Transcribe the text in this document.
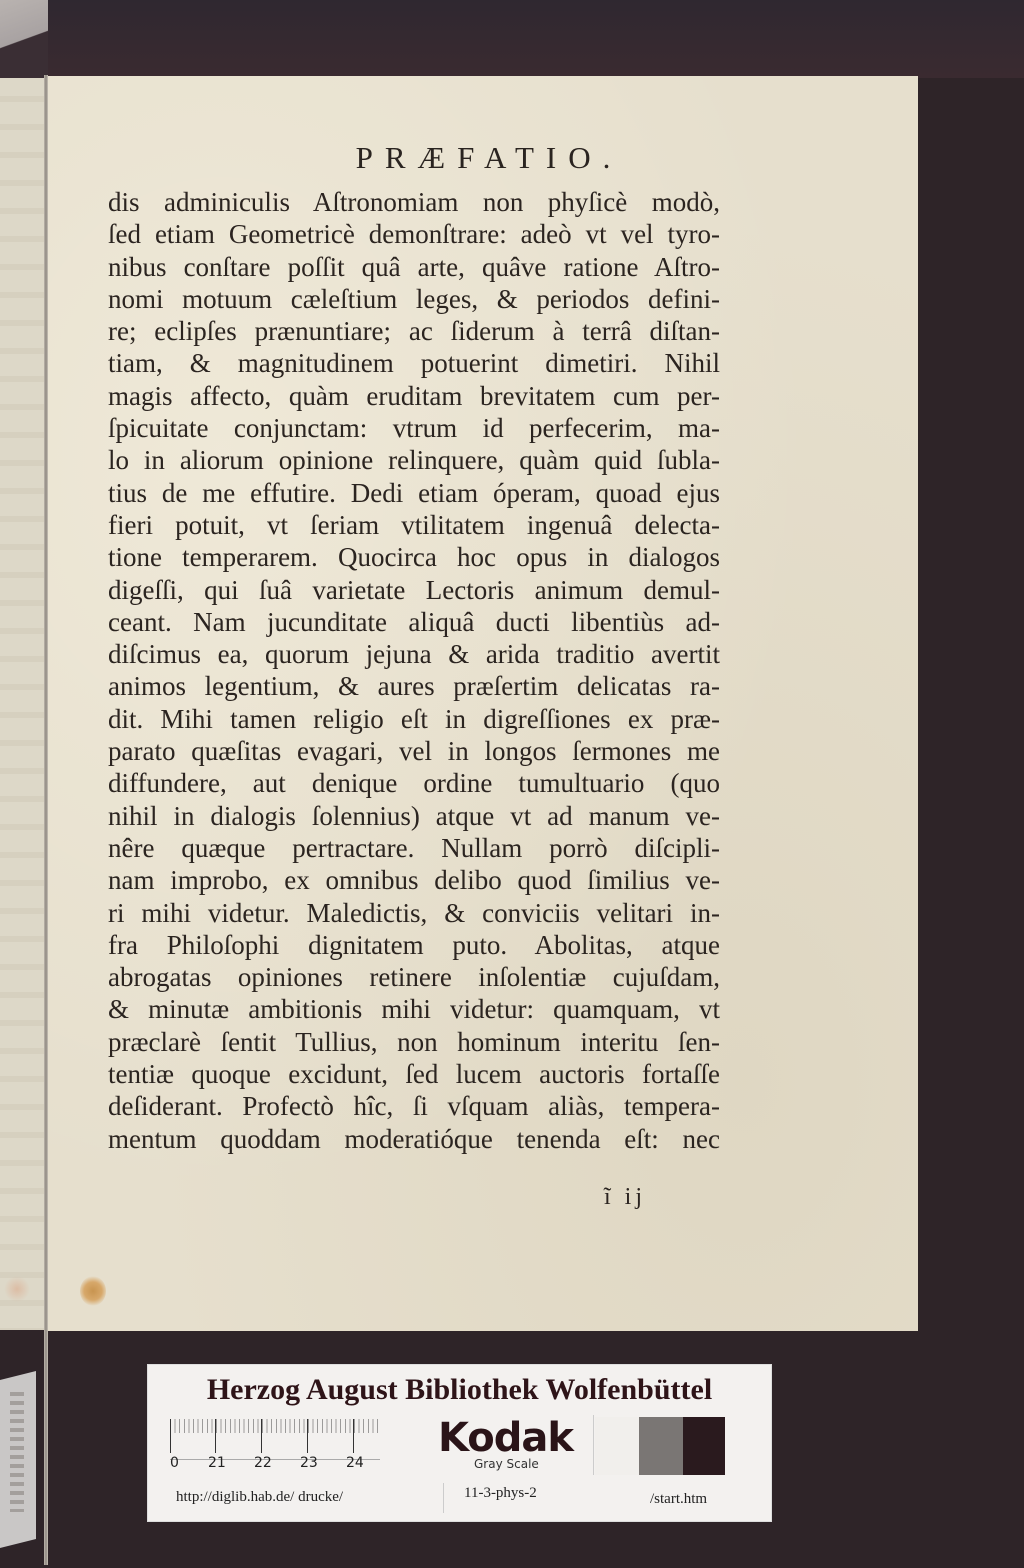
PRÆFATIO.
dis adminiculis Aſtronomiam non phyſicè modò,
ſed etiam Geometricè demonſtrare: adeò vt vel tyro-
nibus conſtare poſſit quâ arte, quâve ratione Aſtro-
nomi motuum cæleſtium leges, & periodos defini-
re; eclipſes prænuntiare; ac ſiderum à terrâ diſtan-
tiam, & magnitudinem potuerint dimetiri. Nihil
magis affecto, quàm eruditam brevitatem cum per-
ſpicuitate conjunctam: vtrum id perfecerim, ma-
lo in aliorum opinione relinquere, quàm quid ſubla-
tius de me effutire. Dedi etiam óperam, quoad ejus
fieri potuit, vt ſeriam vtilitatem ingenuâ delecta-
tione temperarem. Quocirca hoc opus in dialogos
digeſſi, qui ſuâ varietate Lectoris animum demul-
ceant. Nam jucunditate aliquâ ducti libentiùs ad-
diſcimus ea, quorum jejuna & arida traditio avertit
animos legentium, & aures præſertim delicatas ra-
dit. Mihi tamen religio eſt in digreſſiones ex præ-
parato quæſitas evagari, vel in longos ſermones me
diffundere, aut denique ordine tumultuario (quo
nihil in dialogis ſolennius) atque vt ad manum ve-
nêre quæque pertractare. Nullam porrò diſcipli-
nam improbo, ex omnibus delibo quod ſimilius ve-
ri mihi videtur. Maledictis, & conviciis velitari in-
fra Philoſophi dignitatem puto. Abolitas, atque
abrogatas opiniones retinere inſolentiæ cujuſdam,
& minutæ ambitionis mihi videtur: quamquam, vt
præclarè ſentit Tullius, non hominum interitu ſen-
tentiæ quoque excidunt, ſed lucem auctoris fortaſſe
deſiderant. Profectò hîc, ſi vſquam aliàs, tempera-
mentum quoddam moderatióque tenenda eſt: nec
ĩ ij
Herzog August Bibliothek Wolfenbüttel
0 21 22 23 24
Kodak
Gray Scale
http://diglib.hab.de/ drucke/	11-3-phys-2	/start.htm
